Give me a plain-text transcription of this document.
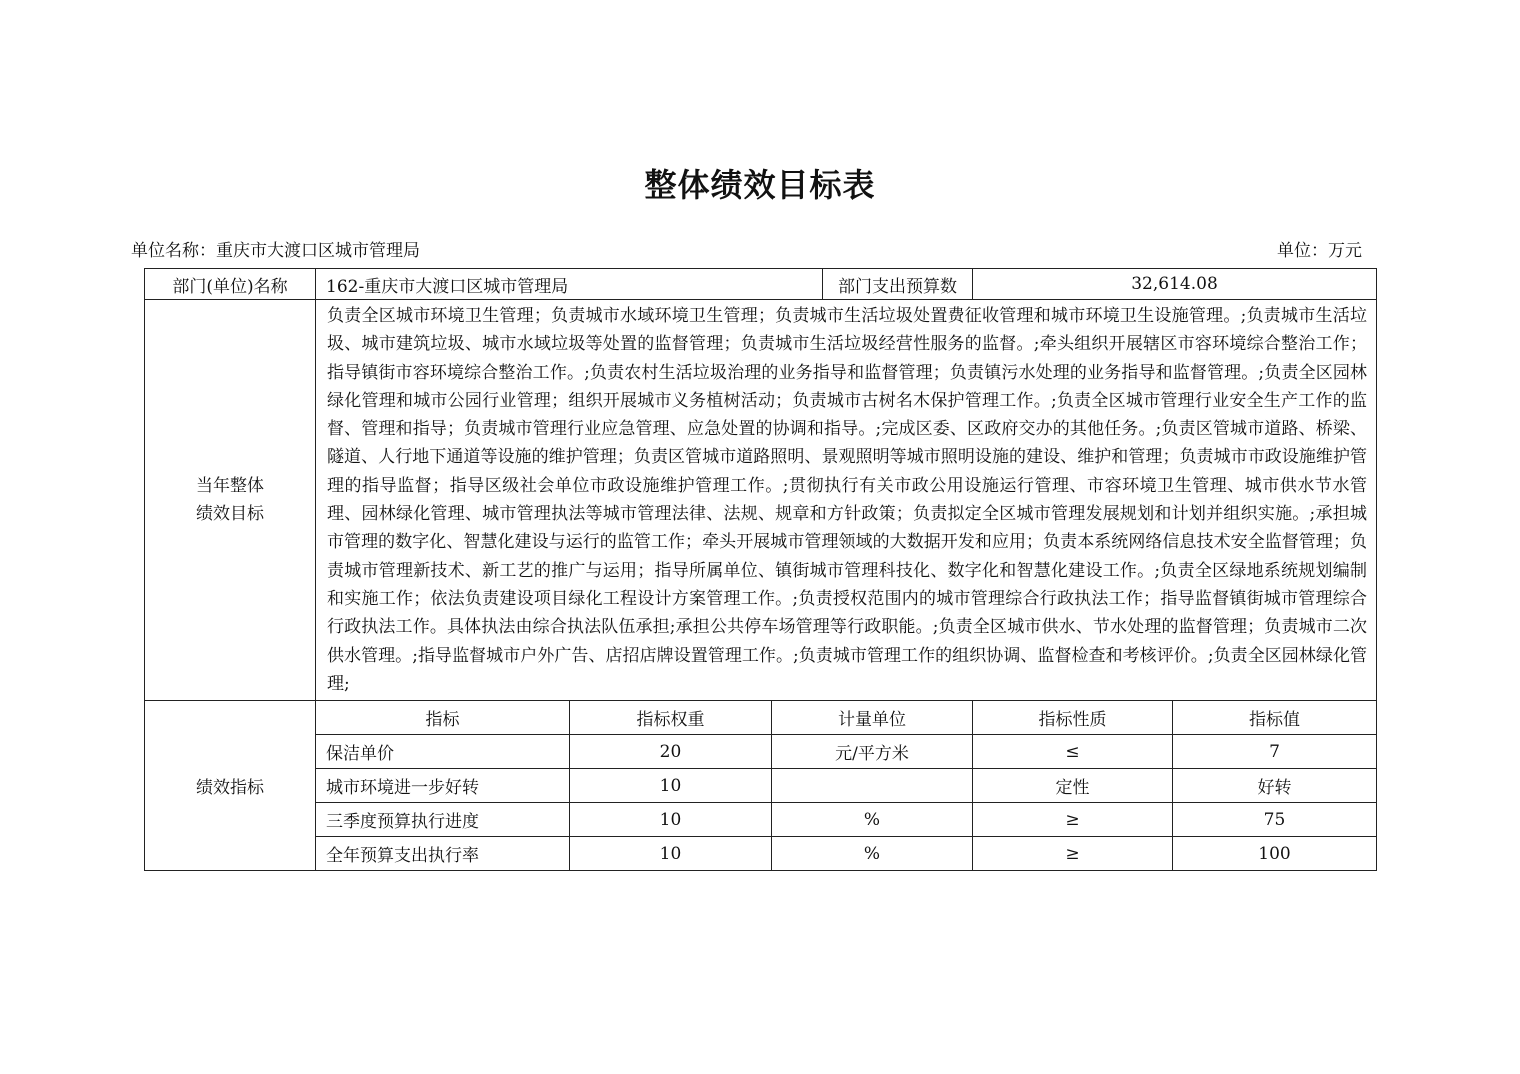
整体绩效目标表
单位名称：重庆市大渡口区城市管理局	单位：万元
部门(单位)名称	162-重庆市大渡口区城市管理局			部门支出预算数	32,614.08	
当年整体
绩效目标	负责全区城市环境卫生管理；负责城市水域环境卫生管理；负责城市生活垃圾处置费征收管理和城市环境卫生设施管理。;负责城市生活垃圾、城市建筑垃圾、城市水域垃圾等处置的监督管理；负责城市生活垃圾经营性服务的监督。;牵头组织开展辖区市容环境综合整治工作；指导镇街市容环境综合整治工作。;负责农村生活垃圾治理的业务指导和监督管理；负责镇污水处理的业务指导和监督管理。;负责全区园林绿化管理和城市公园行业管理；组织开展城市义务植树活动；负责城市古树名木保护管理工作。;负责全区城市管理行业安全生产工作的监督、管理和指导；负责城市管理行业应急管理、应急处置的协调和指导。;完成区委、区政府交办的其他任务。;负责区管城市道路、桥梁、隧道、人行地下通道等设施的维护管理；负责区管城市道路照明、景观照明等城市照明设施的建设、维护和管理；负责城市市政设施维护管理的指导监督；指导区级社会单位市政设施维护管理工作。;贯彻执行有关市政公用设施运行管理、市容环境卫生管理、城市供水节水管理、园林绿化管理、城市管理执法等城市管理法律、法规、规章和方针政策；负责拟定全区城市管理发展规划和计划并组织实施。;承担城市管理的数字化、智慧化建设与运行的监管工作；牵头开展城市管理领域的大数据开发和应用；负责本系统网络信息技术安全监督管理；负责城市管理新技术、新工艺的推广与运用；指导所属单位、镇街城市管理科技化、数字化和智慧化建设工作。;负责全区绿地系统规划编制和实施工作；依法负责建设项目绿化工程设计方案管理工作。;负责授权范围内的城市管理综合行政执法工作；指导监督镇街城市管理综合行政执法工作。具体执法由综合执法队伍承担;承担公共停车场管理等行政职能。;负责全区城市供水、节水处理的监督管理；负责城市二次供水管理。;指导监督城市户外广告、店招店牌设置管理工作。;负责城市管理工作的组织协调、监督检查和考核评价。;负责全区园林绿化管理;					
绩效指标	指标	指标权重	计量单位		指标性质	指标值
	保洁单价	20	元/平方米		≤	7
	城市环境进一步好转	10			定性	好转
	三季度预算执行进度	10	%		≥	75
	全年预算支出执行率	10	%		≥	100
